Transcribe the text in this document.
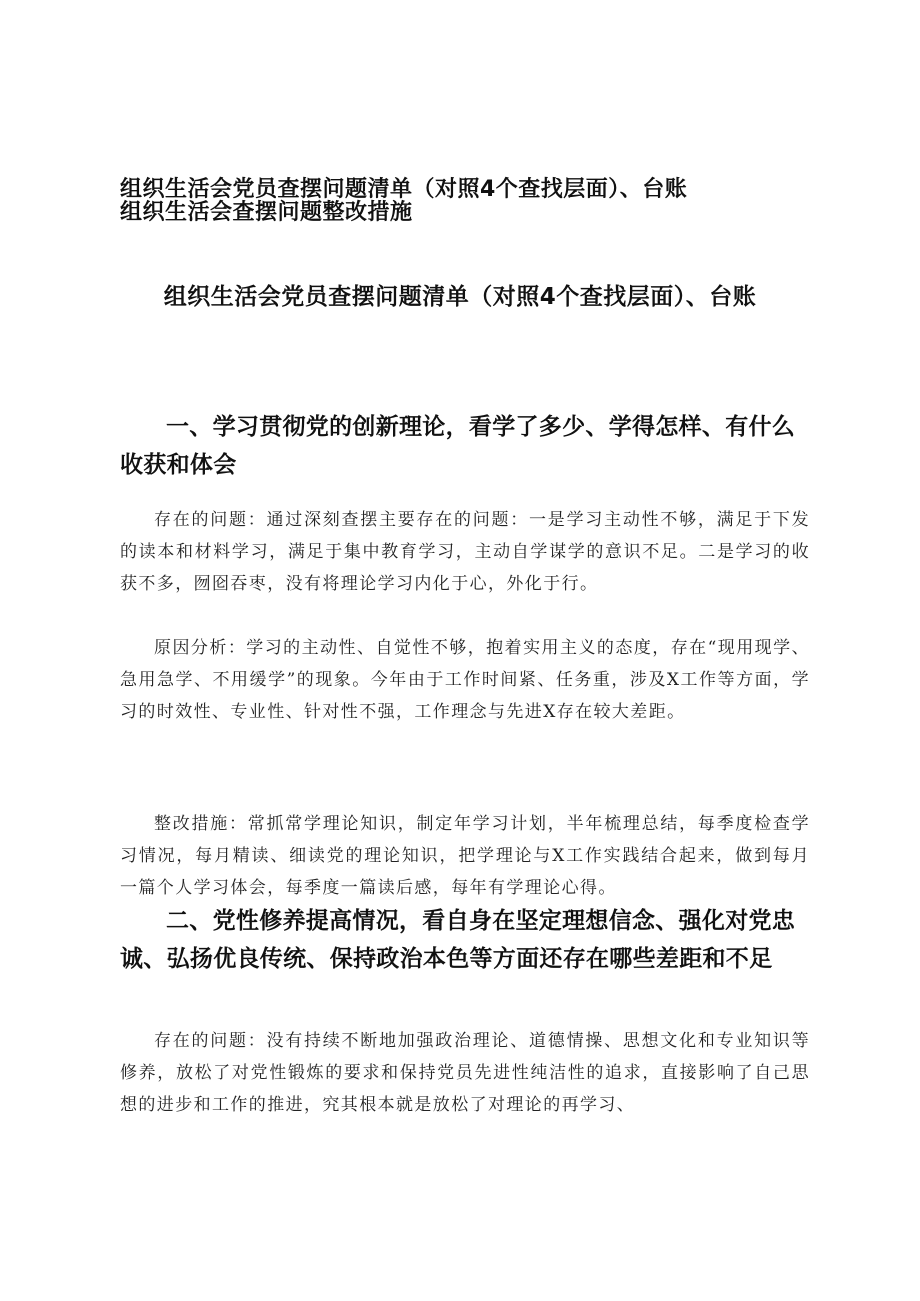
组织生活会党员查摆问题清单（对照4个查找层面）、台账
组织生活会查摆问题整改措施
组织生活会党员查摆问题清单（对照4个查找层面）、台账
一、学习贯彻党的创新理论，看学了多少、学得怎样、有什么收获和体会
存在的问题：通过深刻查摆主要存在的问题：一是学习主动性不够，满足于下发的读本和材料学习，满足于集中教育学习，主动自学谋学的意识不足。二是学习的收获不多，囫囵吞枣，没有将理论学习内化于心，外化于行。
原因分析：学习的主动性、自觉性不够，抱着实用主义的态度，存在“现用现学、急用急学、不用缓学”的现象。今年由于工作时间紧、任务重，涉及X工作等方面，学习的时效性、专业性、针对性不强，工作理念与先进X存在较大差距。
整改措施：常抓常学理论知识，制定年学习计划，半年梳理总结，每季度检查学习情况，每月精读、细读党的理论知识，把学理论与X工作实践结合起来，做到每月一篇个人学习体会，每季度一篇读后感，每年有学理论心得。
二、党性修养提高情况，看自身在坚定理想信念、强化对党忠诚、弘扬优良传统、保持政治本色等方面还存在哪些差距和不足
存在的问题：没有持续不断地加强政治理论、道德情操、思想文化和专业知识等修养，放松了对党性锻炼的要求和保持党员先进性纯洁性的追求，直接影响了自己思想的进步和工作的推进，究其根本就是放松了对理论的再学习、
